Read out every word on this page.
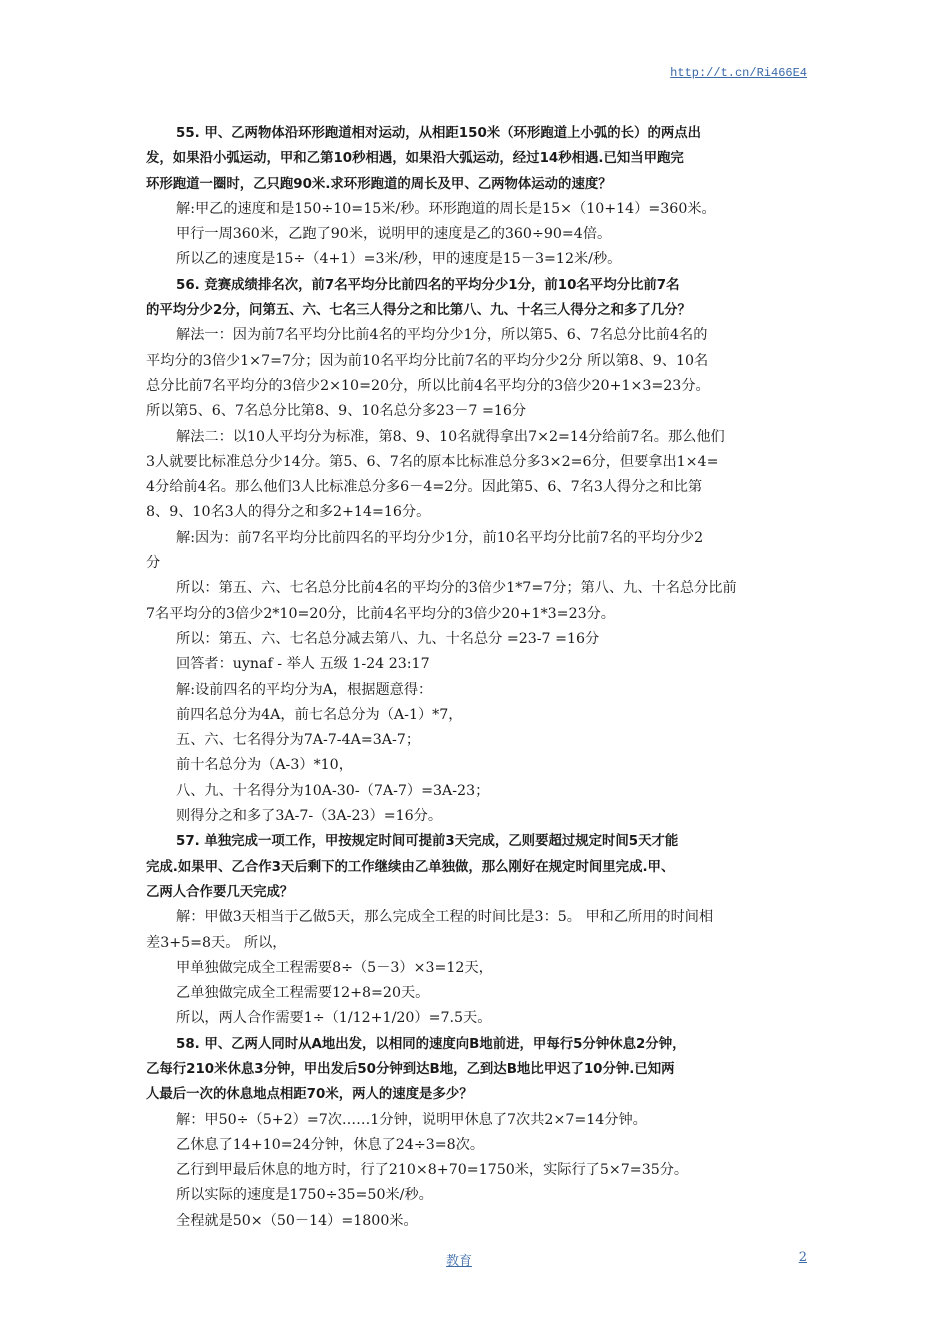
http://t.cn/Ri466E4
55. 甲、乙两物体沿环形跑道相对运动，从相距150米（环形跑道上小弧的长）的两点出
发，如果沿小弧运动，甲和乙第10秒相遇，如果沿大弧运动，经过14秒相遇.已知当甲跑完
环形跑道一圈时，乙只跑90米.求环形跑道的周长及甲、乙两物体运动的速度？
解:甲乙的速度和是150÷10=15米/秒。环形跑道的周长是15×（10+14）=360米。
甲行一周360米，乙跑了90米，说明甲的速度是乙的360÷90=4倍。
所以乙的速度是15÷（4+1）=3米/秒，甲的速度是15－3=12米/秒。
56. 竞赛成绩排名次，前7名平均分比前四名的平均分少1分，前10名平均分比前7名
的平均分少2分，问第五、六、七名三人得分之和比第八、九、十名三人得分之和多了几分？
解法一：因为前7名平均分比前4名的平均分少1分，所以第5、6、7名总分比前4名的
平均分的3倍少1×7=7分；因为前10名平均分比前7名的平均分少2分 所以第8、9、10名
总分比前7名平均分的3倍少2×10=20分，所以比前4名平均分的3倍少20+1×3=23分。
所以第5、6、7名总分比第8、9、10名总分多23－7 =16分
解法二：以10人平均分为标准，第8、9、10名就得拿出7×2=14分给前7名。那么他们
3人就要比标准总分少14分。第5、6、7名的原本比标准总分多3×2=6分，但要拿出1×4=
4分给前4名。那么他们3人比标准总分多6－4=2分。因此第5、6、7名3人得分之和比第
8、9、10名3人的得分之和多2+14=16分。
解:因为：前7名平均分比前四名的平均分少1分，前10名平均分比前7名的平均分少2
分
所以：第五、六、七名总分比前4名的平均分的3倍少1*7=7分；第八、九、十名总分比前
7名平均分的3倍少2*10=20分，比前4名平均分的3倍少20+1*3=23分。
所以：第五、六、七名总分减去第八、九、十名总分 =23-7 =16分
回答者：uynaf - 举人 五级 1-24 23:17
解:设前四名的平均分为A，根据题意得：
前四名总分为4A，前七名总分为（A-1）*7，
五、六、七名得分为7A-7-4A=3A-7；
前十名总分为（A-3）*10，
八、九、十名得分为10A-30-（7A-7）=3A-23；
则得分之和多了3A-7-（3A-23）=16分。
57. 单独完成一项工作，甲按规定时间可提前3天完成，乙则要超过规定时间5天才能
完成.如果甲、乙合作3天后剩下的工作继续由乙单独做，那么刚好在规定时间里完成.甲、
乙两人合作要几天完成？
解：甲做3天相当于乙做5天，那么完成全工程的时间比是3：5。 甲和乙所用的时间相
差3+5=8天。 所以，
甲单独做完成全工程需要8÷（5－3）×3=12天，
乙单独做完成全工程需要12+8=20天。
所以，两人合作需要1÷（1/12+1/20）=7.5天。
58. 甲、乙两人同时从A地出发，以相同的速度向B地前进，甲每行5分钟休息2分钟，
乙每行210米休息3分钟，甲出发后50分钟到达B地，乙到达B地比甲迟了10分钟.已知两
人最后一次的休息地点相距70米，两人的速度是多少？
解：甲50÷（5+2）=7次……1分钟，说明甲休息了7次共2×7=14分钟。
乙休息了14+10=24分钟，休息了24÷3=8次。
乙行到甲最后休息的地方时，行了210×8+70=1750米，实际行了5×7=35分。
所以实际的速度是1750÷35=50米/秒。
全程就是50×（50－14）=1800米。
教育	2
